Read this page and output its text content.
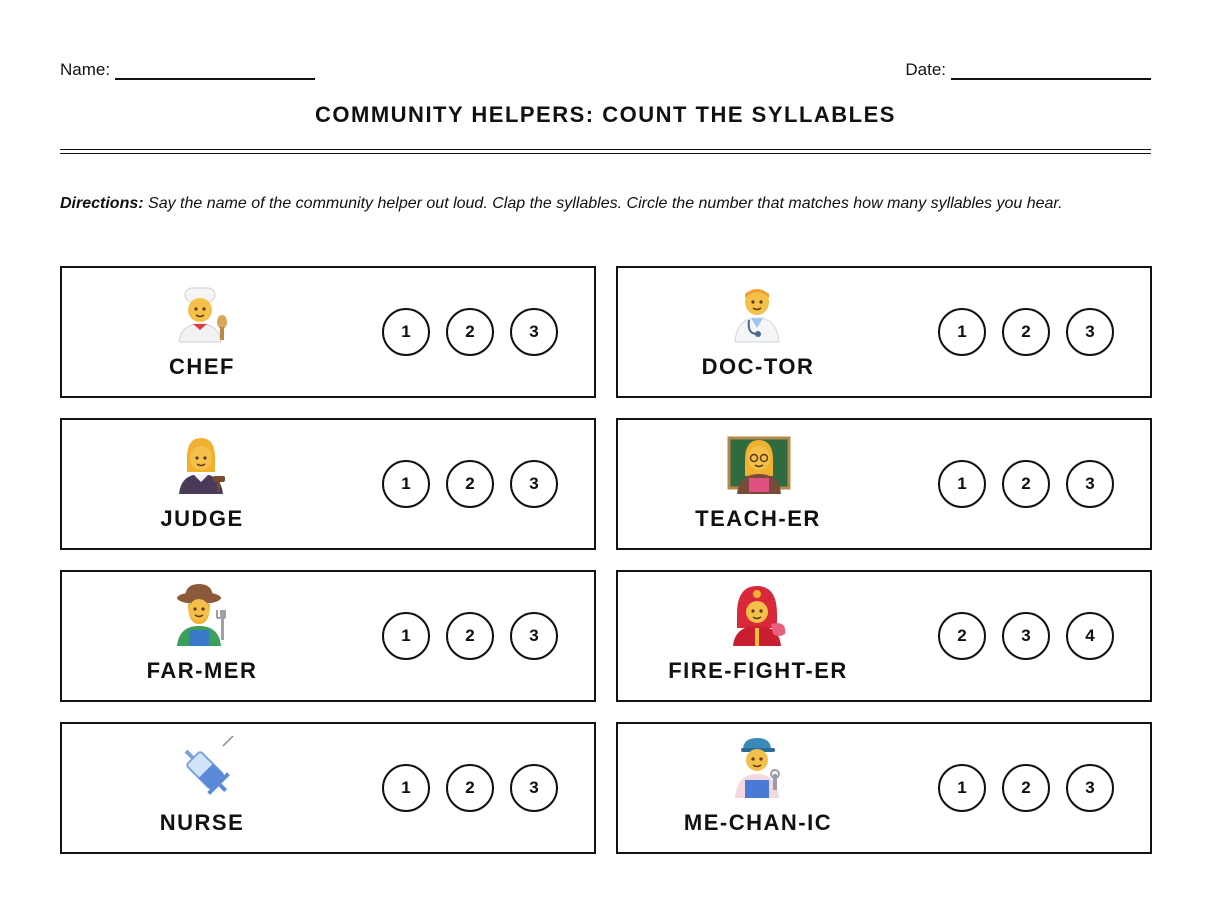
Name:	Date:
COMMUNITY HELPERS: COUNT THE SYLLABLES
Directions: Say the name of the community helper out loud. Clap the syllables. Circle the number that matches how many syllables you hear.
CHEF
1	2	3
DOC-TOR
1	2	3
JUDGE
1	2	3
TEACH-ER
1	2	3
FAR-MER
1	2	3
FIRE-FIGHT-ER
2	3	4
NURSE
1	2	3
ME-CHAN-IC
1	2	3
